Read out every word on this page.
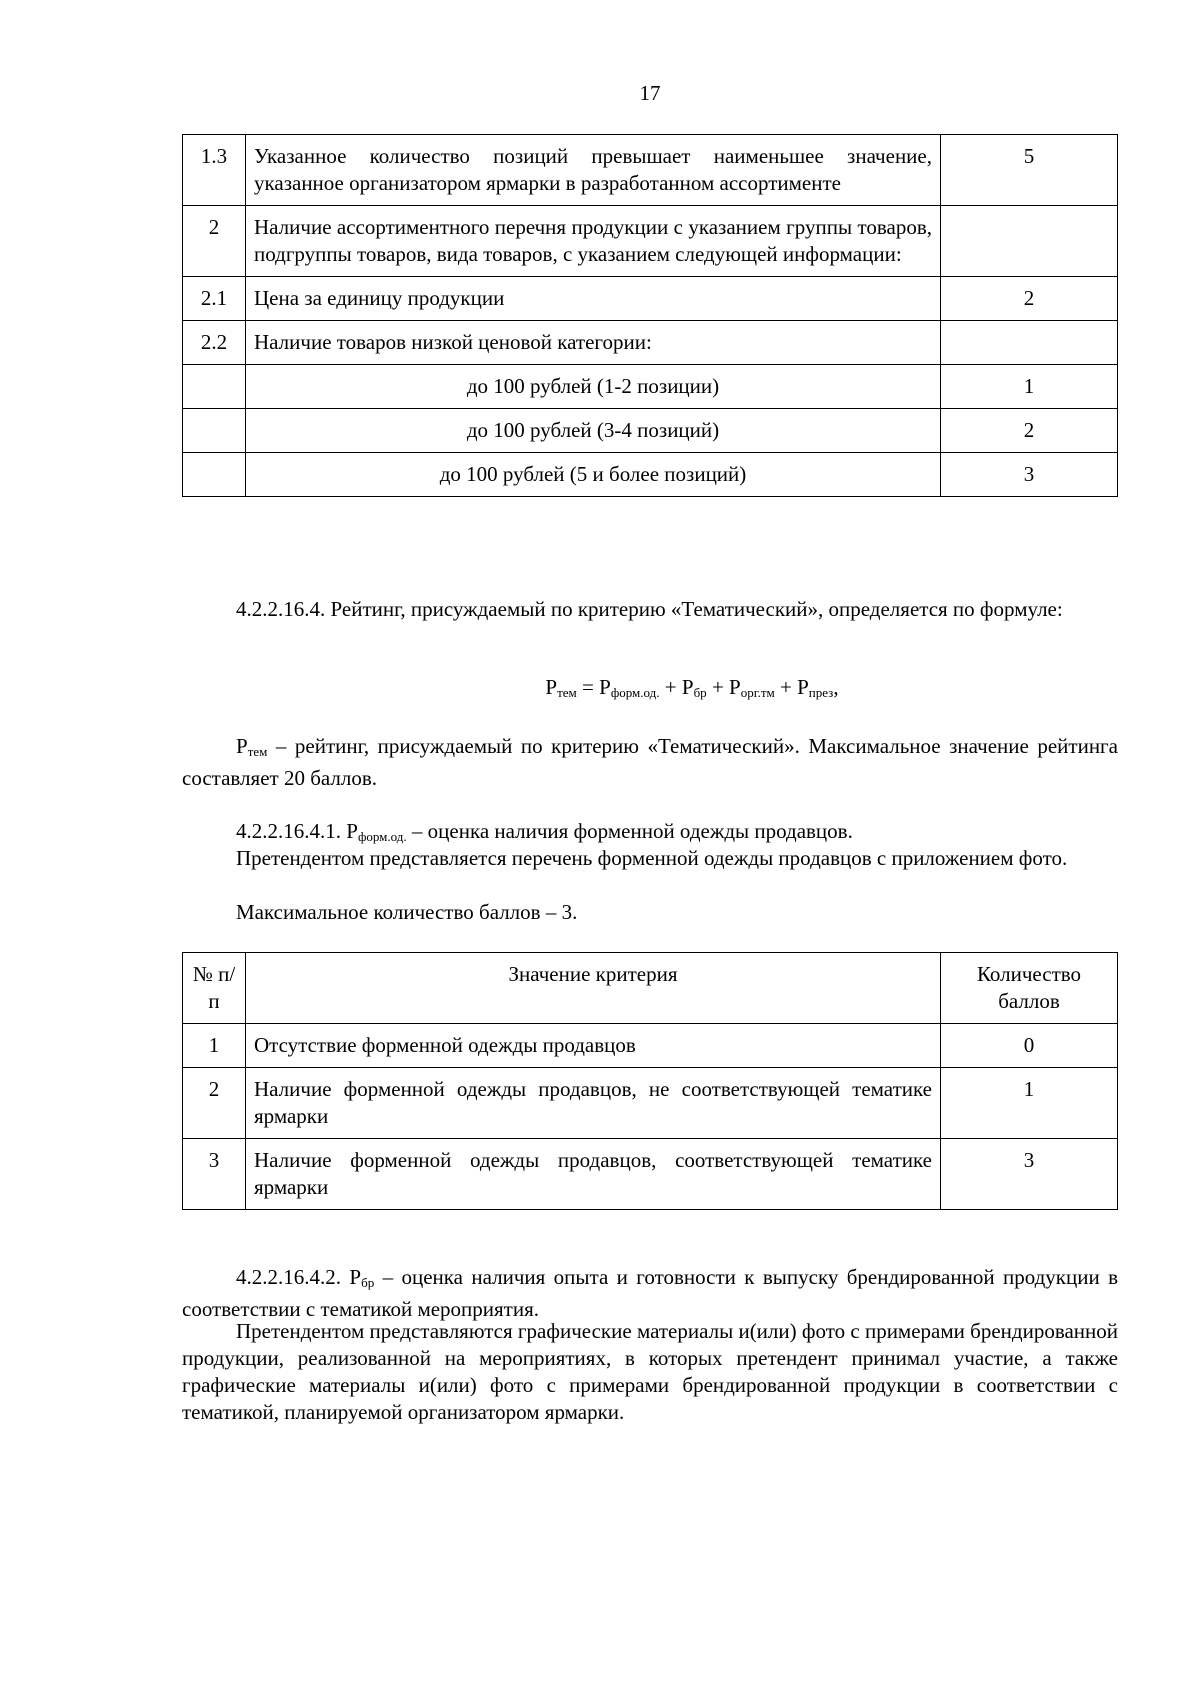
17
1.3	Указанное количество позиций превышает наименьшее значение, указанное организатором ярмарки в разработанном ассортименте	5
2	Наличие ассортиментного перечня продукции с указанием группы товаров, подгруппы товаров, вида товаров, с указанием следующей информации:	
2.1	Цена за единицу продукции	2
2.2	Наличие товаров низкой ценовой категории:	
	до 100 рублей (1-2 позиции)	1
	до 100 рублей (3-4 позиций)	2
	до 100 рублей (5 и более позиций)	3
4.2.2.16.4. Рейтинг, присуждаемый по критерию «Тематический», определяется по формуле:
$Р_{тем} = Р_{форм.од.} + Р_{бр} + Р_{орг.тм} + Р_{през}$,
$Р_{тем}$ – рейтинг, присуждаемый по критерию «Тематический». Максимальное значение рейтинга составляет 20 баллов.
4.2.2.16.4.1. $Р_{форм.од.}$ – оценка наличия форменной одежды продавцов.
Претендентом представляется перечень форменной одежды продавцов с приложением фото.
Максимальное количество баллов – 3.
№ п/п	Значение критерия	Количество баллов
1	Отсутствие форменной одежды продавцов	0
2	Наличие форменной одежды продавцов, не соответствующей тематике ярмарки	1
3	Наличие форменной одежды продавцов, соответствующей тематике ярмарки	3
4.2.2.16.4.2. $Р_{бр}$ – оценка наличия опыта и готовности к выпуску брендированной продукции в соответствии с тематикой мероприятия.
Претендентом представляются графические материалы и(или) фото с примерами брендированной продукции, реализованной на мероприятиях, в которых претендент принимал участие, а также графические материалы и(или) фото с примерами брендированной продукции в соответствии с тематикой, планируемой организатором ярмарки.
